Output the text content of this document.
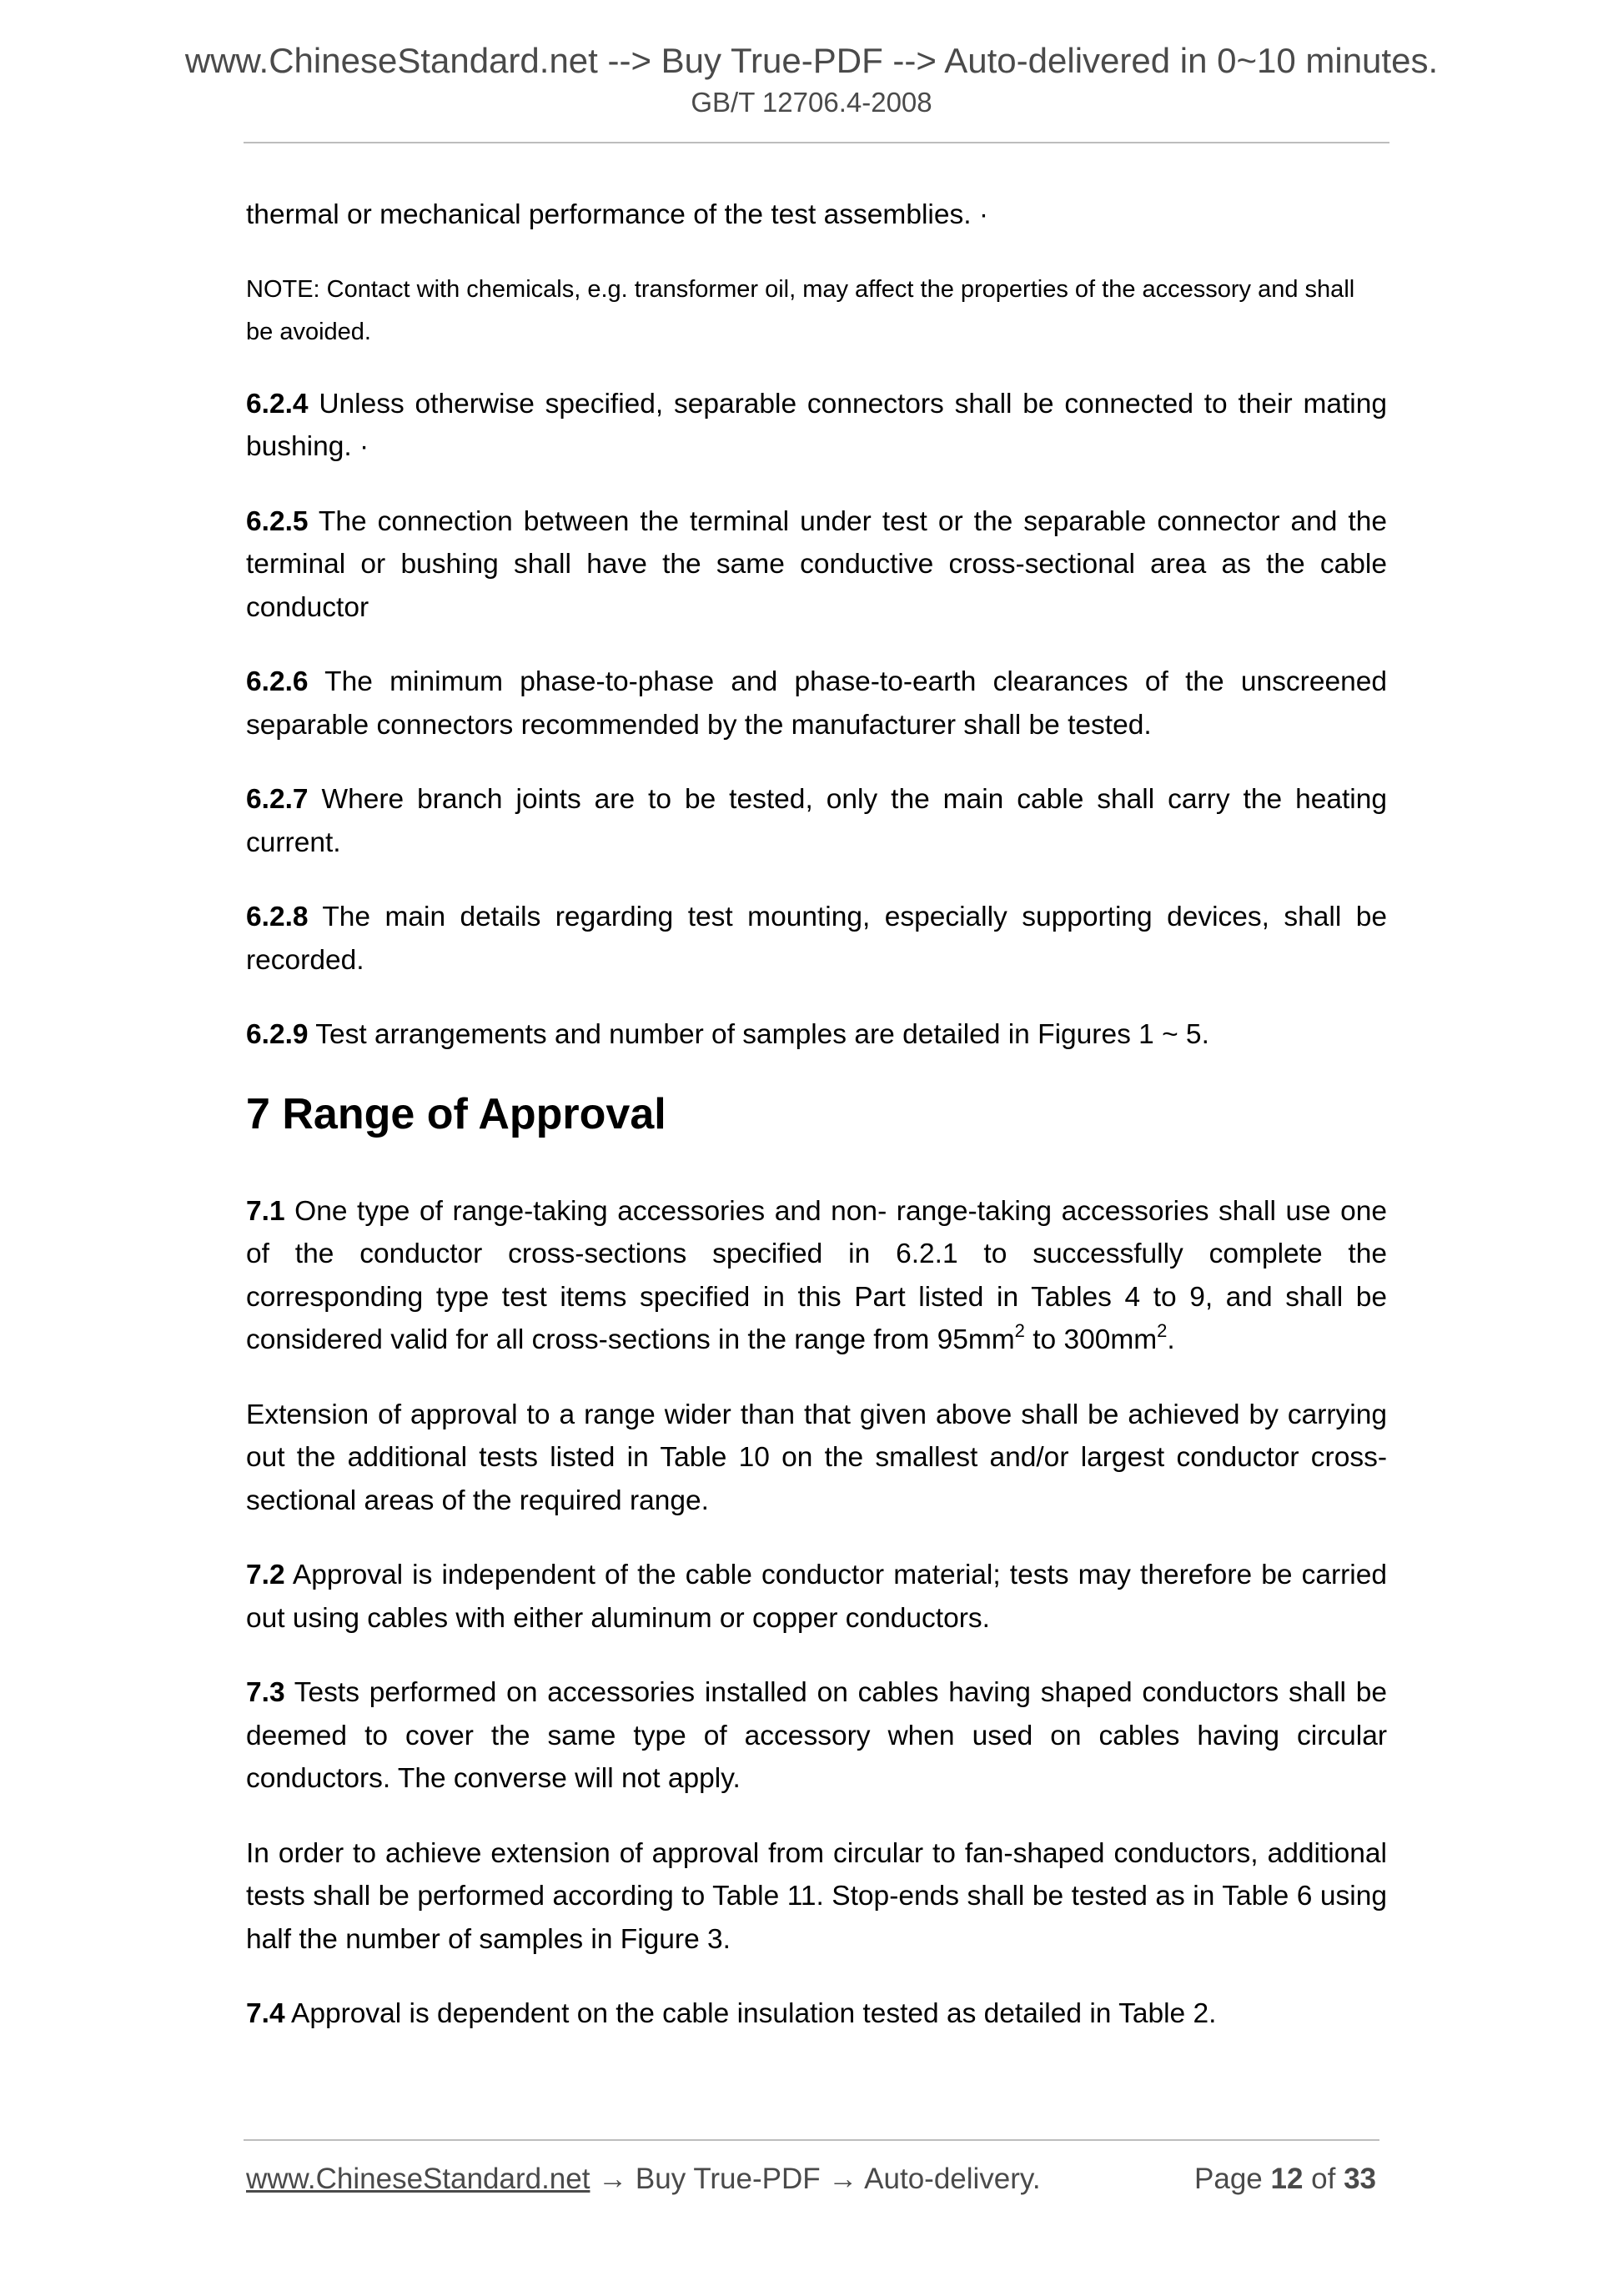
www.ChineseStandard.net --> Buy True-PDF --> Auto-delivered in 0~10 minutes.
GB/T 12706.4-2008

thermal or mechanical performance of the test assemblies. ·

NOTE: Contact with chemicals, e.g. transformer oil, may affect the properties of the accessory and shall be avoided.

6.2.4 Unless otherwise specified, separable connectors shall be connected to their mating bushing. ·

6.2.5 The connection between the terminal under test or the separable connector and the terminal or bushing shall have the same conductive cross-sectional area as the cable conductor

6.2.6 The minimum phase-to-phase and phase-to-earth clearances of the unscreened separable connectors recommended by the manufacturer shall be tested.

6.2.7 Where branch joints are to be tested, only the main cable shall carry the heating current.

6.2.8 The main details regarding test mounting, especially supporting devices, shall be recorded.

6.2.9 Test arrangements and number of samples are detailed in Figures 1 ~ 5.

7 Range of Approval

7.1 One type of range-taking accessories and non- range-taking accessories shall use one of the conductor cross-sections specified in 6.2.1 to successfully complete the corresponding type test items specified in this Part listed in Tables 4 to 9, and shall be considered valid for all cross-sections in the range from $95mm^2$ to $300mm^2$.

Extension of approval to a range wider than that given above shall be achieved by carrying out the additional tests listed in Table 10 on the smallest and/or largest conductor cross-sectional areas of the required range.

7.2 Approval is independent of the cable conductor material; tests may therefore be carried out using cables with either aluminum or copper conductors.

7.3 Tests performed on accessories installed on cables having shaped conductors shall be deemed to cover the same type of accessory when used on cables having circular conductors. The converse will not apply.

In order to achieve extension of approval from circular to fan-shaped conductors, additional tests shall be performed according to Table 11. Stop-ends shall be tested as in Table 6 using half the number of samples in Figure 3.

7.4 Approval is dependent on the cable insulation tested as detailed in Table 2.

www.ChineseStandard.net → Buy True-PDF → Auto-delivery.	Page 12 of 33
